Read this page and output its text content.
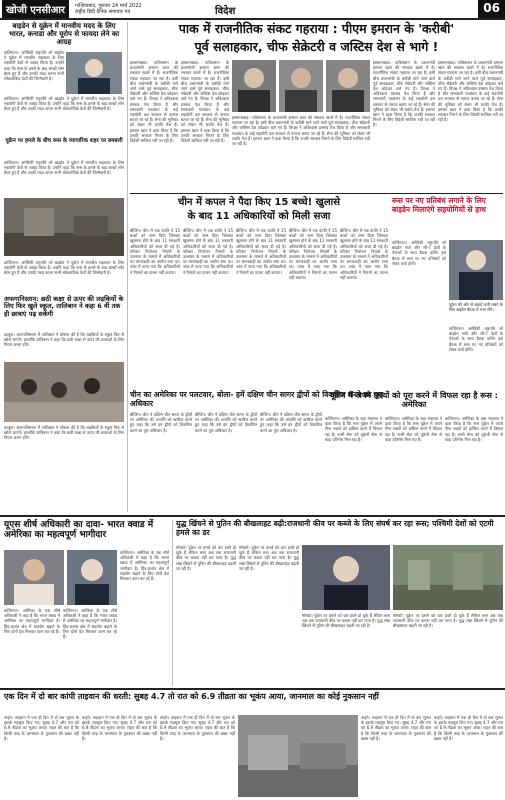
खोजी एनसीआर	गाज़ियाबाद, गुरुवार 24 मार्च 2022
राष्ट्रीय हिंदी दैनिक समाचार पत्र	विदेश	06
बाइडेन से यूक्रेन में मानवीय मदद के लिए भारत, कनाडा और यूरोप से फायदा लेने का आग्रह
वाशिंगटन। अमेरिकी राष्ट्रपति जो बाइडेन ने यूक्रेन में मानवीय सहायता के लिए सहयोगी देशों से आग्रह किया है। उन्होंने कहा कि रूस के हमले के बाद लाखों लोग बेघर हुए हैं और उनकी मदद करना सभी लोकतांत्रिक देशों की जिम्मेदारी है।
वाशिंगटन। अमेरिकी राष्ट्रपति जो बाइडेन ने यूक्रेन में मानवीय सहायता के लिए सहयोगी देशों से आग्रह किया है। उन्होंने कहा कि रूस के हमले के बाद लाखों लोग बेघर हुए हैं और उनकी मदद करना सभी लोकतांत्रिक देशों की जिम्मेदारी है।
यूक्रेन पर हमले के बीच रूस के व्यापारिक शहर पर बमबारी
वाशिंगटन। अमेरिकी राष्ट्रपति जो बाइडेन ने यूक्रेन में मानवीय सहायता के लिए सहयोगी देशों से आग्रह किया है। उन्होंने कहा कि रूस के हमले के बाद लाखों लोग बेघर हुए हैं और उनकी मदद करना सभी लोकतांत्रिक देशों की जिम्मेदारी है।
वाशिंगटन। अमेरिकी राष्ट्रपति जो बाइडेन ने यूक्रेन में मानवीय सहायता के लिए सहयोगी देशों से आग्रह किया है। उन्होंने कहा कि रूस के हमले के बाद लाखों लोग बेघर हुए हैं और उनकी मदद करना सभी लोकतांत्रिक देशों की जिम्मेदारी है।
अफगानिस्तान: छठी कक्षा से ऊपर की लड़कियों के लिए फिर खुले स्कूल, तालिबान ने कहा 6 वीं तक ही छात्राएं पढ़ सकेंगी
काबुल। अफगानिस्तान में तालिबान ने घोषणा की है कि लड़कियों के स्कूल फिर से खोले जाएंगे। हालांकि तालिबान ने कहा कि छठी कक्षा से ऊपर की छात्राओं के लिए नियम अलग होंगे।
काबुल। अफगानिस्तान में तालिबान ने घोषणा की है कि लड़कियों के स्कूल फिर से खोले जाएंगे। हालांकि तालिबान ने कहा कि छठी कक्षा से ऊपर की छात्राओं के लिए नियम अलग होंगे।
पाक में राजनीतिक संकट गहराया : पीएम इमरान के 'करीबी'
पूर्व सलाहकार, चीफ सेक्रेटरी व जस्टिस देश से भागे !
इस्लामाबाद। पाकिस्तान के प्रधानमंत्री इमरान खान की सरकार खतरे में है। राजनीतिक संकट गहराता जा रहा है। इसी बीच प्रधानमंत्री के करीबी माने जाने वाले पूर्व सलाहकार, चीफ सेक्रेटरी और जस्टिस देश छोड़कर चले गए हैं। विपक्ष ने अविश्वास प्रस्ताव पेश किया है और सत्ताधारी गठबंधन के कई सहयोगी दल सरकार से नाराज बताए जा रहे हैं। सेना की भूमिका को लेकर भी चर्चाएं तेज हैं। इमरान खान ने दावा किया है कि उनकी सरकार गिराने के लिए विदेशी साजिश रची जा रही है।
इस्लामाबाद। पाकिस्तान के प्रधानमंत्री इमरान खान की सरकार खतरे में है। राजनीतिक संकट गहराता जा रहा है। इसी बीच प्रधानमंत्री के करीबी माने जाने वाले पूर्व सलाहकार, चीफ सेक्रेटरी और जस्टिस देश छोड़कर चले गए हैं। विपक्ष ने अविश्वास प्रस्ताव पेश किया है और सत्ताधारी गठबंधन के कई सहयोगी दल सरकार से नाराज बताए जा रहे हैं। सेना की भूमिका को लेकर भी चर्चाएं तेज हैं। इमरान खान ने दावा किया है कि उनकी सरकार गिराने के लिए विदेशी साजिश रची जा रही है।
इस्लामाबाद। पाकिस्तान के प्रधानमंत्री इमरान खान की सरकार खतरे में है। राजनीतिक संकट गहराता जा रहा है। इसी बीच प्रधानमंत्री के करीबी माने जाने वाले पूर्व सलाहकार, चीफ सेक्रेटरी और जस्टिस देश छोड़कर चले गए हैं। विपक्ष ने अविश्वास प्रस्ताव पेश किया है और सत्ताधारी गठबंधन के कई सहयोगी दल सरकार से नाराज बताए जा रहे हैं। सेना की भूमिका को लेकर भी चर्चाएं तेज हैं। इमरान खान ने दावा किया है कि उनकी सरकार गिराने के लिए विदेशी साजिश रची जा रही है।
इस्लामाबाद। पाकिस्तान के प्रधानमंत्री इमरान खान की सरकार खतरे में है। राजनीतिक संकट गहराता जा रहा है। इसी बीच प्रधानमंत्री के करीबी माने जाने वाले पूर्व सलाहकार, चीफ सेक्रेटरी और जस्टिस देश छोड़कर चले गए हैं। विपक्ष ने अविश्वास प्रस्ताव पेश किया है और सत्ताधारी गठबंधन के कई सहयोगी दल सरकार से नाराज बताए जा रहे हैं। सेना की भूमिका को लेकर भी चर्चाएं तेज हैं। इमरान खान ने दावा किया है कि उनकी सरकार गिराने के लिए विदेशी साजिश रची जा रही है।
इस्लामाबाद। पाकिस्तान के प्रधानमंत्री इमरान खान की सरकार खतरे में है। राजनीतिक संकट गहराता जा रहा है। इसी बीच प्रधानमंत्री के करीबी माने जाने वाले पूर्व सलाहकार, चीफ सेक्रेटरी और जस्टिस देश छोड़कर चले गए हैं। विपक्ष ने अविश्वास प्रस्ताव पेश किया है और सत्ताधारी गठबंधन के कई सहयोगी दल सरकार से नाराज बताए जा रहे हैं। सेना की भूमिका को लेकर भी चर्चाएं तेज हैं। इमरान खान ने दावा किया है कि उनकी सरकार गिराने के लिए विदेशी साजिश रची जा रही है।
चीन में कपल ने पैदा किए 15 बच्चे! खुलासे
के बाद 11 अधिकारियों को मिली सजा
बीजिंग। चीन में एक दंपति ने 15 बच्चों को जन्म दिया जिसका खुलासा होने के बाद 11 सरकारी अधिकारियों को सजा दी गई है। परिवार नियोजन नियमों के उल्लंघन के मामले में अधिकारियों पर लापरवाही का आरोप लगा था। जांच में पाया गया कि अधिकारियों ने नियमों का पालन नहीं कराया।
बीजिंग। चीन में एक दंपति ने 15 बच्चों को जन्म दिया जिसका खुलासा होने के बाद 11 सरकारी अधिकारियों को सजा दी गई है। परिवार नियोजन नियमों के उल्लंघन के मामले में अधिकारियों पर लापरवाही का आरोप लगा था। जांच में पाया गया कि अधिकारियों ने नियमों का पालन नहीं कराया।
बीजिंग। चीन में एक दंपति ने 15 बच्चों को जन्म दिया जिसका खुलासा होने के बाद 11 सरकारी अधिकारियों को सजा दी गई है। परिवार नियोजन नियमों के उल्लंघन के मामले में अधिकारियों पर लापरवाही का आरोप लगा था। जांच में पाया गया कि अधिकारियों ने नियमों का पालन नहीं कराया।
बीजिंग। चीन में एक दंपति ने 15 बच्चों को जन्म दिया जिसका खुलासा होने के बाद 11 सरकारी अधिकारियों को सजा दी गई है। परिवार नियोजन नियमों के उल्लंघन के मामले में अधिकारियों पर लापरवाही का आरोप लगा था। जांच में पाया गया कि अधिकारियों ने नियमों का पालन नहीं कराया।
बीजिंग। चीन में एक दंपति ने 15 बच्चों को जन्म दिया जिसका खुलासा होने के बाद 11 सरकारी अधिकारियों को सजा दी गई है। परिवार नियोजन नियमों के उल्लंघन के मामले में अधिकारियों पर लापरवाही का आरोप लगा था। जांच में पाया गया कि अधिकारियों ने नियमों का पालन नहीं कराया।
रूस पर नए प्रतिबंध लगाने के लिए बाइडेन मिलाएंगे सहयोगियों से हाथ
वाशिंगटन। अमेरिकी राष्ट्रपति जो बाइडेन नाटो और जी-7 देशों के नेताओं के साथ बैठक करेंगे। इस बैठक में रूस पर नए प्रतिबंधों को लेकर चर्चा होगी।
यूक्रेन की ओर से लड़ाई जारी रखने के लिए बाइडेन बैठक में भाग लेंगे।
वाशिंगटन। अमेरिकी राष्ट्रपति जो बाइडेन नाटो और जी-7 देशों के नेताओं के साथ बैठक करेंगे। इस बैठक में रूस पर नए प्रतिबंधों को लेकर चर्चा होगी।
चीन का अमेरिका पर पलटवार, बोला- हमें दक्षिण चीन सागर द्वीपों को विकसित करने का पूरा अधिकार
बीजिंग। चीन ने दक्षिण चीन सागर के द्वीपों पर अमेरिका की आपत्ति को खारिज करते हुए कहा कि उसे इन द्वीपों को विकसित करने का पूरा अधिकार है।
बीजिंग। चीन ने दक्षिण चीन सागर के द्वीपों पर अमेरिका की आपत्ति को खारिज करते हुए कहा कि उसे इन द्वीपों को विकसित करने का पूरा अधिकार है।
बीजिंग। चीन ने दक्षिण चीन सागर के द्वीपों पर अमेरिका की आपत्ति को खारिज करते हुए कहा कि उसे इन द्वीपों को विकसित करने का पूरा अधिकार है।
यूक्रेन में अपने लक्ष्यों को पूरा करने में विफल रहा है रूस : अमेरिका
वाशिंगटन। अमेरिका के रक्षा मंत्रालय ने दावा किया है कि रूस यूक्रेन में अपने सैन्य लक्ष्यों को हासिल करने में विफल रहा है। रूसी सेना को यूक्रेनी सेना से कड़ा प्रतिरोध मिल रहा है।
वाशिंगटन। अमेरिका के रक्षा मंत्रालय ने दावा किया है कि रूस यूक्रेन में अपने सैन्य लक्ष्यों को हासिल करने में विफल रहा है। रूसी सेना को यूक्रेनी सेना से कड़ा प्रतिरोध मिल रहा है।
वाशिंगटन। अमेरिका के रक्षा मंत्रालय ने दावा किया है कि रूस यूक्रेन में अपने सैन्य लक्ष्यों को हासिल करने में विफल रहा है। रूसी सेना को यूक्रेनी सेना से कड़ा प्रतिरोध मिल रहा है।
यूएस शीर्ष अधिकारी का दावा- भारत क्वाड में अमेरिका का महत्वपूर्ण भागीदार
वाशिंगटन। अमेरिका के एक शीर्ष अधिकारी ने कहा है कि भारत क्वाड में अमेरिका का महत्वपूर्ण भागीदार है। हिंद-प्रशांत क्षेत्र में सहयोग बढ़ाने के लिए दोनों देश मिलकर काम कर रहे हैं।
वाशिंगटन। अमेरिका के एक शीर्ष अधिकारी ने कहा है कि भारत क्वाड में अमेरिका का महत्वपूर्ण भागीदार है। हिंद-प्रशांत क्षेत्र में सहयोग बढ़ाने के लिए दोनों देश मिलकर काम कर रहे हैं।
वाशिंगटन। अमेरिका के एक शीर्ष अधिकारी ने कहा है कि भारत क्वाड में अमेरिका का महत्वपूर्ण भागीदार है। हिंद-प्रशांत क्षेत्र में सहयोग बढ़ाने के लिए दोनों देश मिलकर काम कर रहे हैं।
युद्ध खिंचने से पुतिन की बौखलाहट बढ़ी:राजधानी कीव पर कब्जे के लिए संघर्ष कर रहा रूस; पश्चिमी देशों को एटमी हमले का डर
मॉस्को। यूक्रेन पर हमले को चार हफ्ते हो चुके हैं लेकिन रूस अब तक राजधानी कीव पर कब्जा नहीं कर पाया है। युद्ध लंबा खिंचने से पुतिन की बौखलाहट बढ़ती जा रही है।
मॉस्को। यूक्रेन पर हमले को चार हफ्ते हो चुके हैं लेकिन रूस अब तक राजधानी कीव पर कब्जा नहीं कर पाया है। युद्ध लंबा खिंचने से पुतिन की बौखलाहट बढ़ती जा रही है।
मॉस्को। यूक्रेन पर हमले को चार हफ्ते हो चुके हैं लेकिन रूस अब तक राजधानी कीव पर कब्जा नहीं कर पाया है। युद्ध लंबा खिंचने से पुतिन की बौखलाहट बढ़ती जा रही है।
मॉस्को। यूक्रेन पर हमले को चार हफ्ते हो चुके हैं लेकिन रूस अब तक राजधानी कीव पर कब्जा नहीं कर पाया है। युद्ध लंबा खिंचने से पुतिन की बौखलाहट बढ़ती जा रही है।
एक दिन में दो बार कांपी ताइवान की धरती: सुबह 4.7 तो रात को 6.9 तीव्रता का भूकंप आया, जानमाल का कोई नुकसान नहीं
ताइपे। ताइवान में एक ही दिन में दो बार भूकंप के झटके महसूस किए गए। सुबह 4.7 और रात को 6.9 तीव्रता का भूकंप आया। राहत की बात है कि किसी तरह के जानमाल के नुकसान की खबर नहीं है।
ताइपे। ताइवान में एक ही दिन में दो बार भूकंप के झटके महसूस किए गए। सुबह 4.7 और रात को 6.9 तीव्रता का भूकंप आया। राहत की बात है कि किसी तरह के जानमाल के नुकसान की खबर नहीं है।
ताइपे। ताइवान में एक ही दिन में दो बार भूकंप के झटके महसूस किए गए। सुबह 4.7 और रात को 6.9 तीव्रता का भूकंप आया। राहत की बात है कि किसी तरह के जानमाल के नुकसान की खबर नहीं है।
ताइपे। ताइवान में एक ही दिन में दो बार भूकंप के झटके महसूस किए गए। सुबह 4.7 और रात को 6.9 तीव्रता का भूकंप आया। राहत की बात है कि किसी तरह के जानमाल के नुकसान की खबर नहीं है।
ताइपे। ताइवान में एक ही दिन में दो बार भूकंप के झटके महसूस किए गए। सुबह 4.7 और रात को 6.9 तीव्रता का भूकंप आया। राहत की बात है कि किसी तरह के जानमाल के नुकसान की खबर नहीं है।
